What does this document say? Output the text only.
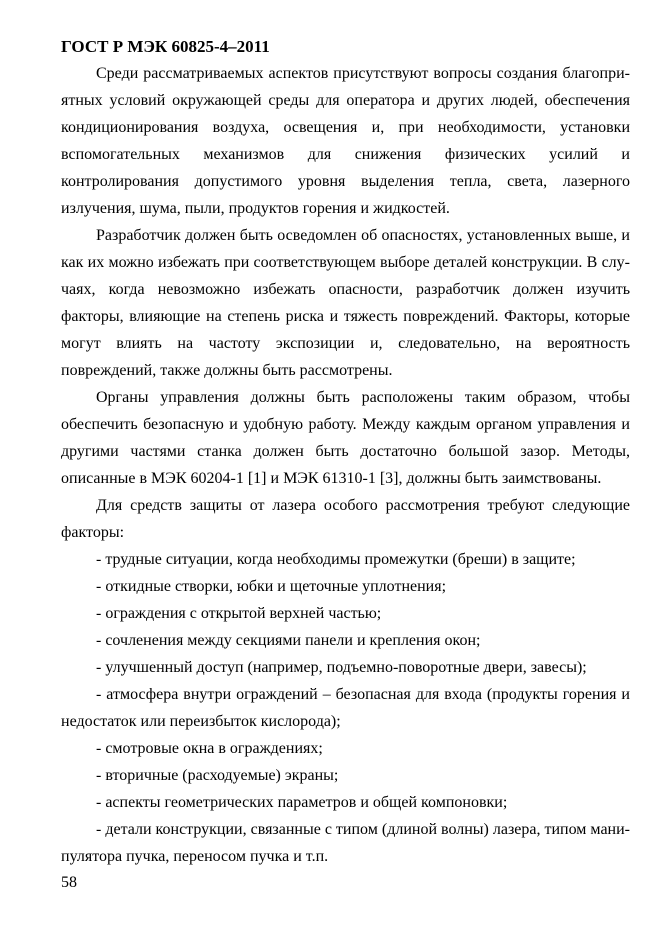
ГОСТ Р МЭК 60825-4–2011

Среди рассматриваемых аспектов присутствуют вопросы создания благоприятных условий окружающей среды для оператора и других людей, обеспечения кондиционирования воздуха, освещения и, при необходимости, установки вспомогательных механизмов для снижения физических усилий и контролирования допустимого уровня выделения тепла, света, лазерного излучения, шума, пыли, продуктов горения и жидкостей.

Разработчик должен быть осведомлен об опасностях, установленных выше, и как их можно избежать при соответствующем выборе деталей конструкции. В случаях, когда невозможно избежать опасности, разработчик должен изучить факторы, влияющие на степень риска и тяжесть повреждений. Факторы, которые могут влиять на частоту экспозиции и, следовательно, на вероятность повреждений, также должны быть рассмотрены.

Органы управления должны быть расположены таким образом, чтобы обеспечить безопасную и удобную работу. Между каждым органом управления и другими частями станка должен быть достаточно большой зазор. Методы, описанные в МЭК 60204-1 [1] и МЭК 61310-1 [3], должны быть заимствованы.

Для средств защиты от лазера особого рассмотрения требуют следующие факторы:

- трудные ситуации, когда необходимы промежутки (бреши) в защите;

- откидные створки, юбки и щеточные уплотнения;

- ограждения с открытой верхней частью;

- сочленения между секциями панели и крепления окон;

- улучшенный доступ (например, подъемно-поворотные двери, завесы);

- атмосфера внутри ограждений – безопасная для входа (продукты горения и недостаток или переизбыток кислорода);

- смотровые окна в ограждениях;

- вторичные (расходуемые) экраны;

- аспекты геометрических параметров и общей компоновки;

- детали конструкции, связанные с типом (длиной волны) лазера, типом манипулятора пучка, переносом пучка и т.п.

58
